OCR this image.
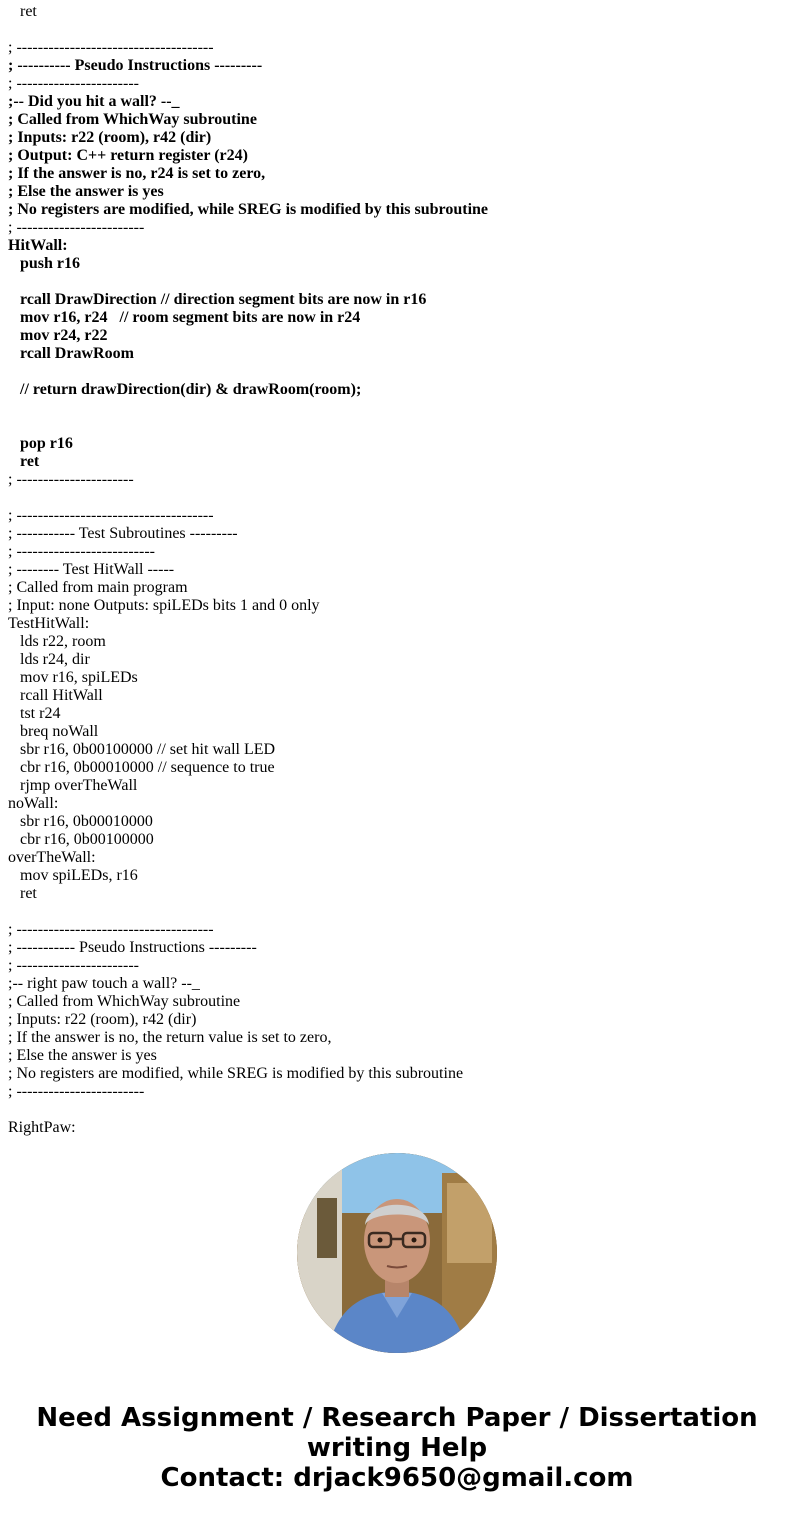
ret
; -------------------------------------
; ---------- Pseudo Instructions ---------
; -----------------------
;-- Did you hit a wall? --_
; Called from WhichWay subroutine
; Inputs: r22 (room), r42 (dir)
; Output: C++ return register (r24)
; If the answer is no, r24 is set to zero,
; Else the answer is yes
; No registers are modified, while SREG is modified by this subroutine
; ------------------------
HitWall:
push r16
rcall DrawDirection // direction segment bits are now in r16
mov r16, r24   // room segment bits are now in r24
mov r24, r22
rcall DrawRoom
// return drawDirection(dir) & drawRoom(room);
pop r16
ret
; ----------------------
; -------------------------------------
; ----------- Test Subroutines ---------
; --------------------------
; -------- Test HitWall -----
; Called from main program
; Input: none Outputs: spiLEDs bits 1 and 0 only
TestHitWall:
lds r22, room
lds r24, dir
mov r16, spiLEDs
rcall HitWall
tst r24
breq noWall
sbr r16, 0b00100000 // set hit wall LED
cbr r16, 0b00010000 // sequence to true
rjmp overTheWall
noWall:
sbr r16, 0b00010000
cbr r16, 0b00100000
overTheWall:
mov spiLEDs, r16
ret
; -------------------------------------
; ----------- Pseudo Instructions ---------
; -----------------------
;-- right paw touch a wall? --_
; Called from WhichWay subroutine
; Inputs: r22 (room), r42 (dir)
; If the answer is no, the return value is set to zero,
; Else the answer is yes
; No registers are modified, while SREG is modified by this subroutine
; ------------------------
RightPaw:
Need Assignment / Research Paper / Dissertation
writing Help
Contact: drjack9650@gmail.com
